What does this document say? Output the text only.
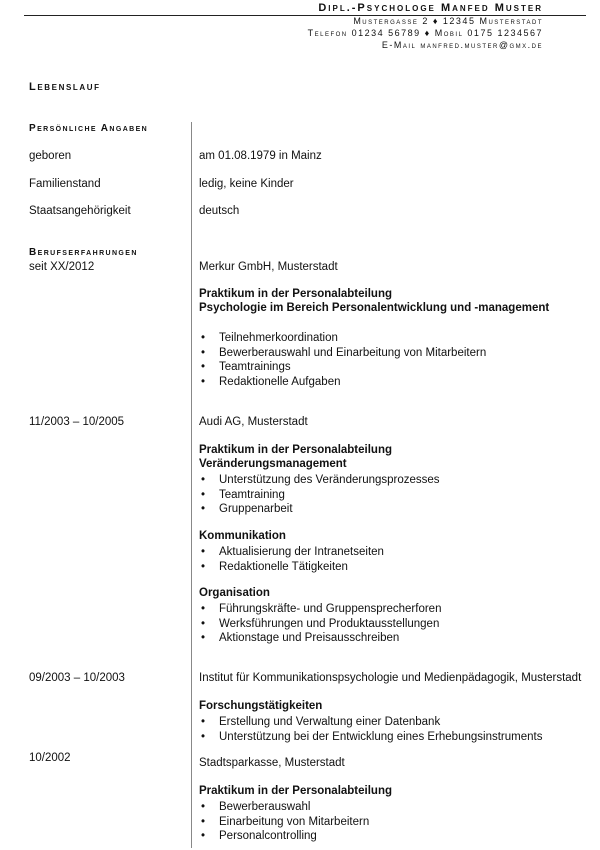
Dipl.-Psychologe Manfed Muster
Mustergasse 2 ♦ 12345 Musterstadt
Telefon 01234 56789 ♦ Mobil 0175 1234567
E-Mail manfred.muster@gmx.de
Lebenslauf
Persönliche Angaben
geboren	am 01.08.1979 in Mainz
Familienstand	ledig, keine Kinder
Staatsangehörigkeit	deutsch
Berufserfahrungen
seit XX/2012	Merkur GmbH, Musterstadt
Praktikum in der Personalabteilung
Psychologie im Bereich Personalentwicklung und -management
• Teilnehmerkoordination
• Bewerberauswahl und Einarbeitung von Mitarbeitern
• Teamtrainings
• Redaktionelle Aufgaben
11/2003 – 10/2005	Audi AG, Musterstadt
Praktikum in der Personalabteilung
Veränderungsmanagement
• Unterstützung des Veränderungsprozesses
• Teamtraining
• Gruppenarbeit
Kommunikation
• Aktualisierung der Intranetseiten
• Redaktionelle Tätigkeiten
Organisation
• Führungskräfte- und Gruppensprecherforen
• Werksführungen und Produktausstellungen
• Aktionstage und Preisausschreiben
09/2003 – 10/2003	Institut für Kommunikationspsychologie und Medienpädagogik, Musterstadt
Forschungstätigkeiten
• Erstellung und Verwaltung einer Datenbank
• Unterstützung bei der Entwicklung eines Erhebungsinstruments
10/2002	Stadtsparkasse, Musterstadt
Praktikum in der Personalabteilung
• Bewerberauswahl
• Einarbeitung von Mitarbeitern
• Personalcontrolling
